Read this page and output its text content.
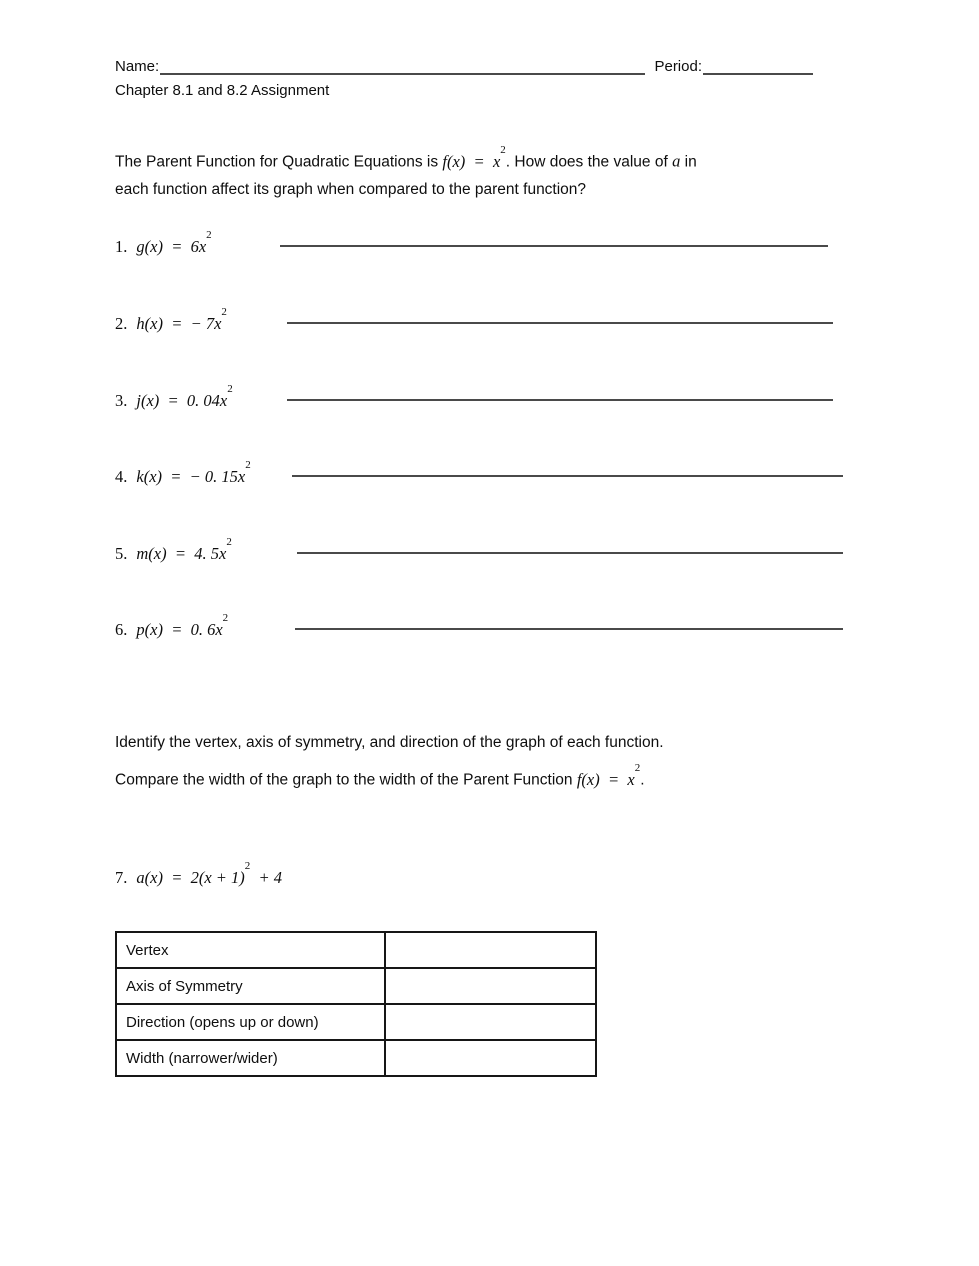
Name:	Period:
Chapter 8.1 and 8.2 Assignment
The Parent Function for Quadratic Equations is $f(x) = x^2$. How does the value of a in
each function affect its graph when compared to the parent function?
1. $g(x) = 6x^2$
2. h(x)  =  − $7x^2$
3. j(x)  =  0. $04x^2$
4. k(x)  =  − 0. $15x^2$
5. m(x)  =  4. $5x^2$
6. p(x)  =  0. $6x^2$
Identify the vertex, axis of symmetry, and direction of the graph of each function.
Compare the width of the graph to the width of the Parent Function $f(x) = x^2$.
7. $a(x) = 2(x + 1)^2 + 4$
Vertex	
Axis of Symmetry	
Direction (opens up or down)	
Width (narrower/wider)	
